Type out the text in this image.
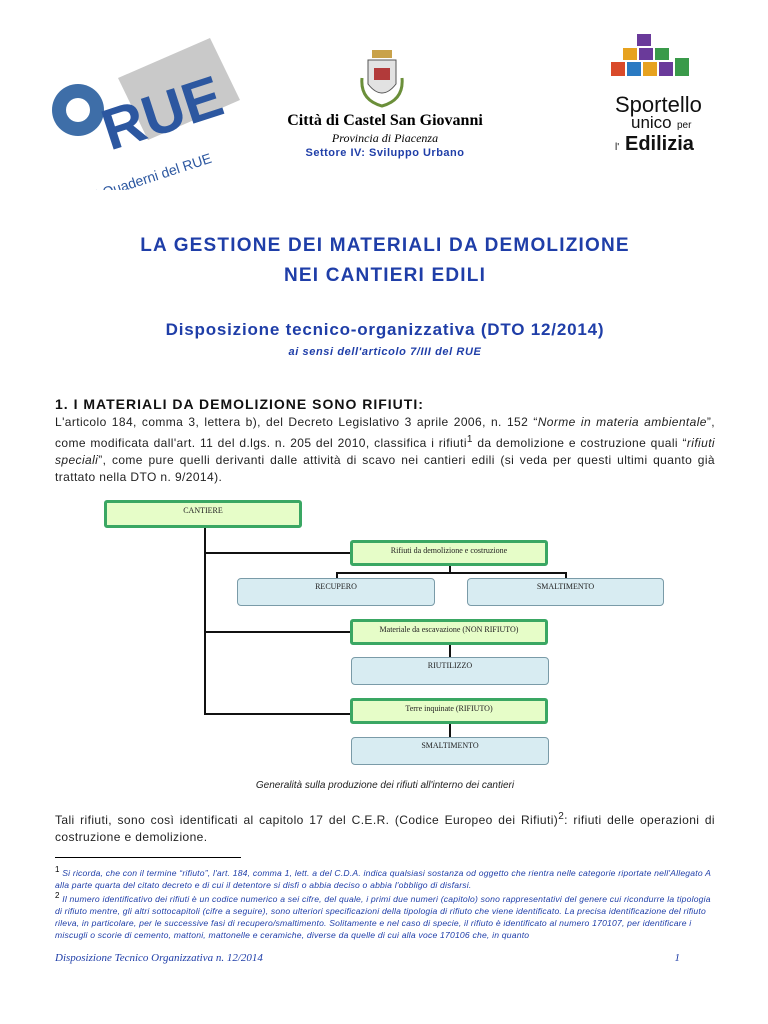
RUE
I Quaderni del RUE
Città di Castel San Giovanni
Provincia di Piacenza
Settore IV: Sviluppo Urbano
Sportello
unico per
l' Edilizia
LA GESTIONE DEI MATERIALI DA DEMOLIZIONE
NEI CANTIERI EDILI
Disposizione tecnico-organizzativa (DTO 12/2014)
ai sensi dell'articolo 7/III del RUE
1. I MATERIALI DA DEMOLIZIONE SONO RIFIUTI:
L'articolo 184, comma 3, lettera b), del Decreto Legislativo 3 aprile 2006, n. 152 “Norme in materia ambientale”, come modificata dall'art. 11 del d.lgs. n. 205 del 2010, classifica i rifiuti$^1$ da demolizione e costruzione quali “rifiuti speciali”, come pure quelli derivanti dalle attività di scavo nei cantieri edili (si veda per questi ultimi quanto già trattato nella DTO n. 9/2014).
CANTIERE
Rifiuti da demolizione e costruzione
RECUPERO	SMALTIMENTO
Materiale da escavazione (NON RIFIUTO)
RIUTILIZZO
Terre inquinate (RIFIUTO)
SMALTIMENTO
Generalità sulla produzione dei rifiuti all'interno dei cantieri
Tali rifiuti, sono così identificati al capitolo 17 del C.E.R. (Codice Europeo dei Rifiuti)$^2$: rifiuti delle operazioni di costruzione e demolizione.
$^1$ Si ricorda, che con il termine “rifiuto”, l'art. 184, comma 1, lett. a del C.D.A. indica qualsiasi sostanza od oggetto che rientra nelle categorie riportate nell'Allegato A alla parte quarta del citato decreto e di cui il detentore si disfi o abbia deciso o abbia l'obbligo di disfarsi.
$^2$ Il numero identificativo dei rifiuti è un codice numerico a sei cifre, del quale, i primi due numeri (capitolo) sono rappresentativi del genere cui ricondurre la tipologia di rifiuto mentre, gli altri sottocapitoli (cifre a seguire), sono ulteriori specificazioni della tipologia di rifiuto che viene identificato. La precisa identificazione del rifiuto rileva, in particolare, per le successive fasi di recupero/smaltimento. Solitamente e nel caso di specie, il rifiuto è identificato al numero 170107, per identificare i miscugli o scorie di cemento, mattoni, mattonelle e ceramiche, diverse da quelle di cui alla voce 170106 che, in quanto
Disposizione Tecnico Organizzativa n. 12/2014	1
